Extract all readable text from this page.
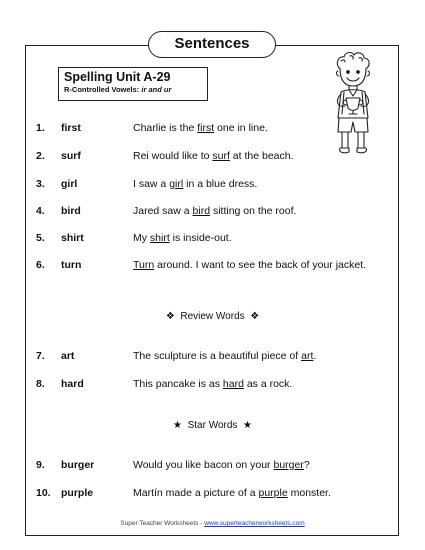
Sentences
Spelling Unit A-29
R-Controlled Vowels: ir and ur
1. first	Charlie is the first one in line.
2. surf	Rei would like to surf at the beach.
3. girl	I saw a girl in a blue dress.
4. bird	Jared saw a bird sitting on the roof.
5. shirt	My shirt is inside-out.
6. turn	Turn around. I want to see the back of your jacket.
❖ Review Words ❖
7. art	The sculpture is a beautiful piece of art.
8. hard	This pancake is as hard as a rock.
★ Star Words ★
9. burger	Would you like bacon on your burger?
10. purple	Martín made a picture of a purple monster.
Super Teacher Worksheets - www.superteacherworksheets.com
